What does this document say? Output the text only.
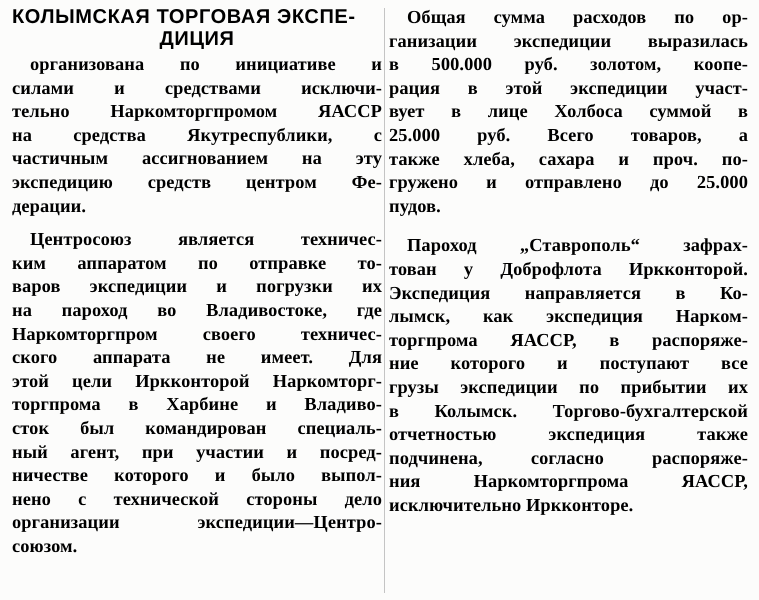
КОЛЫМСКАЯ ТОРГОВАЯ ЭКСПЕ-
ДИЦИЯ
организована по инициативе и
силами и средствами исключи-
тельно Наркомторгпромом ЯАССР
на средства Якутреспублики, с
частичным ассигнованием на эту
экспедицию средств центром Фе-
дерации.
Центросоюз является техничес-
ким аппаратом по отправке то-
варов экспедиции и погрузки их
на пароход во Владивостоке, где
Наркомторгпром своего техничес-
ского аппарата не имеет. Для
этой цели Иркконторой Наркомторг-
торгпрома в Харбине и Владиво-
сток был командирован специаль-
ный агент, при участии и посред-
ничестве которого и было выпол-
нено с технической стороны дело
организации экспедиции—Центро-
союзом.
Общая сумма расходов по ор-
ганизации экспедиции выразилась
в 500.000 руб. золотом, коопе-
рация в этой экспедиции участ-
вует в лице Холбоса суммой в
25.000 руб. Всего товаров, а
также хлеба, сахара и проч. по-
гружено и отправлено до 25.000
пудов.
Пароход „Ставрополь“ зафрах-
тован у Доброфлота Иркконторой.
Экспедиция направляется в Ко-
лымск, как экспедиция Нарком-
торгпрома ЯАССР, в распоряже-
ние которого и поступают все
грузы экспедиции по прибытии их
в Колымск. Торгово-бухгалтерской
отчетностью экспедиция также
подчинена, согласно распоряже-
ния Наркомторгпрома ЯАССР,
исключительно Иркконторе.
